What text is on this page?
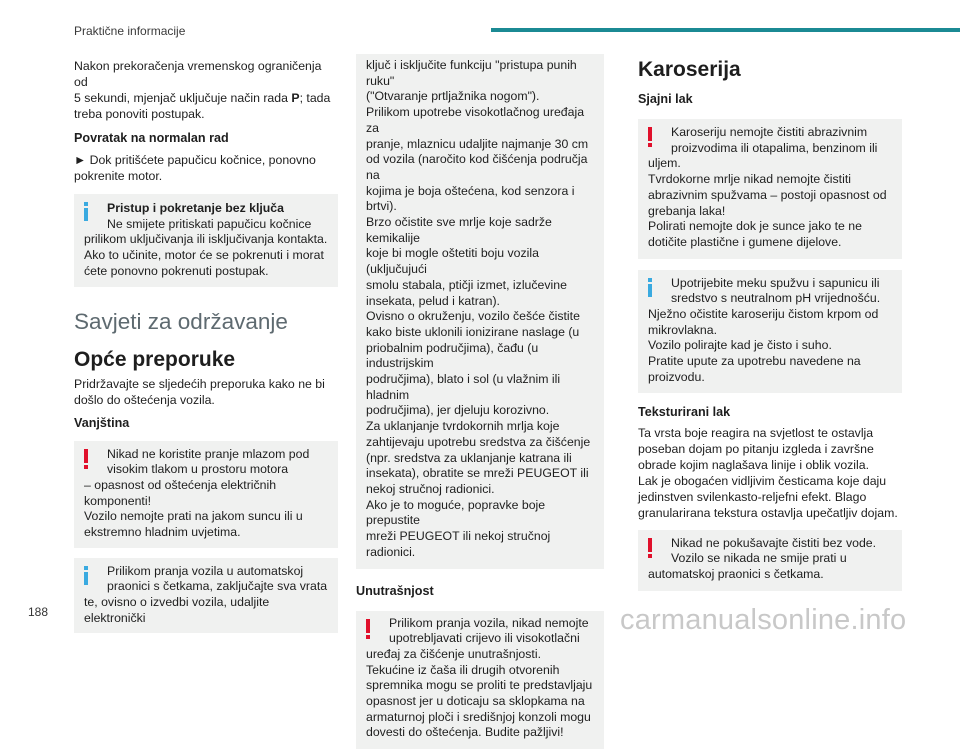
Praktične informacije

Nakon prekoračenja vremenskog ograničenja od

5 sekundi, mjenjač uključuje način rada P; tada

treba ponoviti postupak.

Povratak na normalan rad

► Dok pritišćete papučicu kočnice, ponovno

pokrenite motor.

Pristup i pokretanje bez ključa

Ne smijete pritiskati papučicu kočnice

prilikom uključivanja ili isključivanja kontakta.

Ako to učinite, motor će se pokrenuti i morat

ćete ponovno pokrenuti postupak.

Savjeti za održavanje
Opće preporuke

Pridržavajte se sljedećih preporuka kako ne bi

došlo do oštećenja vozila.

Vanjština

Nikad ne koristite pranje mlazom pod

visokim tlakom u prostoru motora

– opasnost od oštećenja električnih

komponenti!

Vozilo nemojte prati na jakom suncu ili u

ekstremno hladnim uvjetima.

Prilikom pranja vozila u automatskoj

praonici s četkama, zaključajte sva vrata

te, ovisno o izvedbi vozila, udaljite elektronički

ključ i isključite funkciju "pristupa punih ruku"

("Otvaranje prtljažnika nogom").

Prilikom upotrebe visokotlačnog uređaja za

pranje, mlaznicu udaljite najmanje 30 cm

od vozila (naročito kod čišćenja područja na

kojima je boja oštećena, kod senzora i brtvi).

Brzo očistite sve mrlje koje sadrže kemikalije

koje bi mogle oštetiti boju vozila (uključujući

smolu stabala, ptičji izmet, izlučevine

insekata, pelud i katran).

Ovisno o okruženju, vozilo češće čistite

kako biste uklonili ionizirane naslage (u

priobalnim područjima), čađu (u industrijskim

područjima), blato i sol (u vlažnim ili hladnim

područjima), jer djeluju korozivno.

Za uklanjanje tvrdokornih mrlja koje

zahtijevaju upotrebu sredstva za čišćenje

(npr. sredstva za uklanjanje katrana ili

insekata), obratite se mreži PEUGEOT ili

nekoj stručnoj radionici.

Ako je to moguće, popravke boje prepustite

mreži PEUGEOT ili nekoj stručnoj radionici.

Unutrašnjost

Prilikom pranja vozila, nikad nemojte

upotrebljavati crijevo ili visokotlačni

uređaj za čišćenje unutrašnjosti.

Tekućine iz čaša ili drugih otvorenih

spremnika mogu se proliti te predstavljaju

opasnost jer u doticaju sa sklopkama na

armaturnoj ploči i središnjoj konzoli mogu

dovesti do oštećenja. Budite pažljivi!

Karoserija
Sjajni lak

Karoseriju nemojte čistiti abrazivnim

proizvodima ili otapalima, benzinom ili

uljem.

Tvrdokorne mrlje nikad nemojte čistiti

abrazivnim spužvama – postoji opasnost od

grebanja laka!

Polirati nemojte dok je sunce jako te ne

dotičite plastične i gumene dijelove.

Upotrijebite meku spužvu i sapunicu ili

sredstvo s neutralnom pH vrijednošću.

Nježno očistite karoseriju čistom krpom od

mikrovlakna.

Vozilo polirajte kad je čisto i suho.

Pratite upute za upotrebu navedene na

proizvodu.

Teksturirani lak

Ta vrsta boje reagira na svjetlost te ostavlja

poseban dojam po pitanju izgleda i završne

obrade kojim naglašava linije i oblik vozila.

Lak je obogaćen vidljivim česticama koje daju

jedinstven svilenkasto-reljefni efekt. Blago

granularirana tekstura ostavlja upečatljiv dojam.

Nikad ne pokušavajte čistiti bez vode.

Vozilo se nikada ne smije prati u

automatskoj praonici s četkama.

188	carmanualsonline.info
